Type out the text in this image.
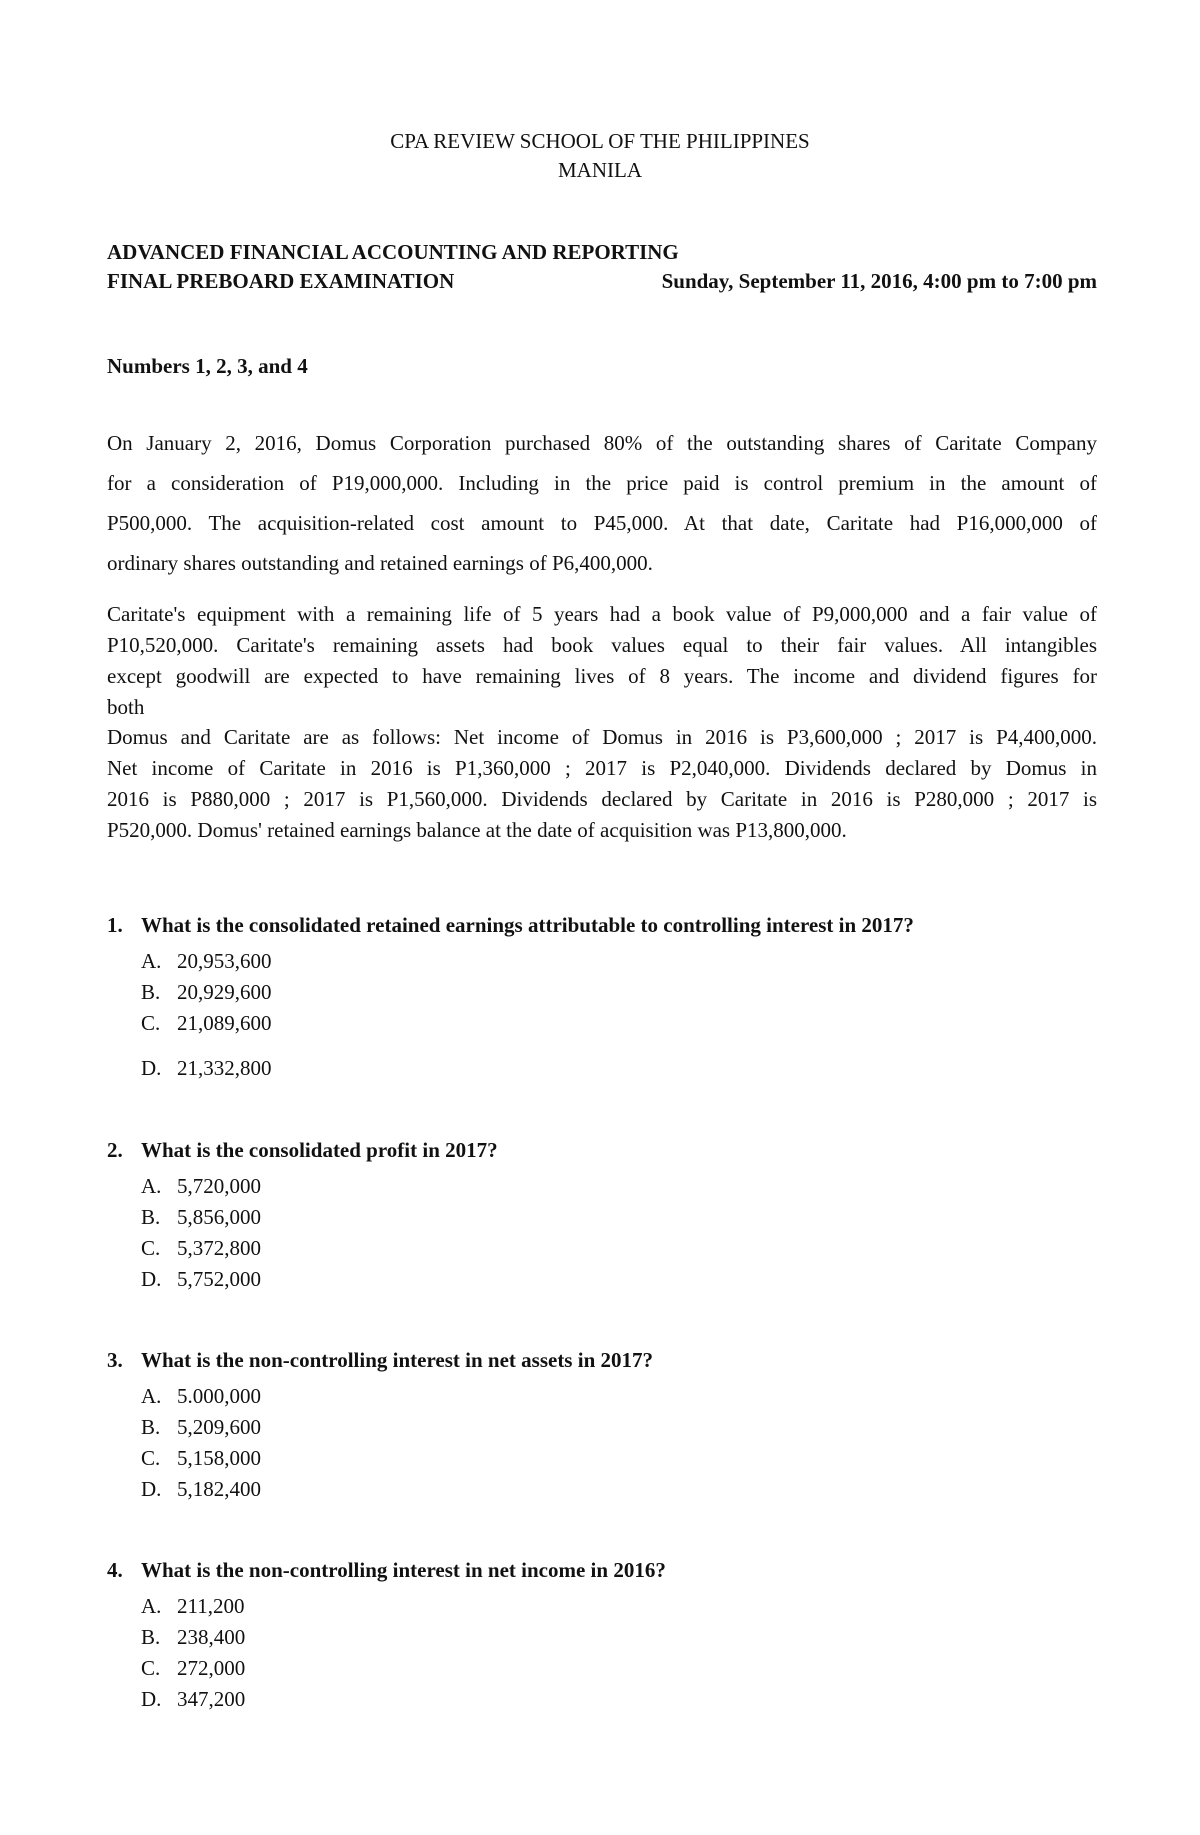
CPA REVIEW SCHOOL OF THE PHILIPPINES
MANILA
ADVANCED FINANCIAL ACCOUNTING AND REPORTING
FINAL PREBOARD EXAMINATION	Sunday, September 11, 2016, 4:00 pm to 7:00 pm
Numbers 1, 2, 3, and 4
On January 2, 2016, Domus Corporation purchased 80% of the outstanding shares of Caritate Company
for a consideration of P19,000,000. Including in the price paid is control premium in the amount of
P500,000. The acquisition-related cost amount to P45,000. At that date, Caritate had P16,000,000 of
ordinary shares outstanding and retained earnings of P6,400,000.
Caritate's equipment with a remaining life of 5 years had a book value of P9,000,000 and a fair value of
P10,520,000. Caritate's remaining assets had book values equal to their fair values. All intangibles
except goodwill are expected to have remaining lives of 8 years. The income and dividend figures for
both
Domus and Caritate are as follows: Net income of Domus in 2016 is P3,600,000 ; 2017 is P4,400,000.
Net income of Caritate in 2016 is P1,360,000 ; 2017 is P2,040,000. Dividends declared by Domus in
2016 is P880,000 ; 2017 is P1,560,000. Dividends declared by Caritate in 2016 is P280,000 ; 2017 is
P520,000. Domus' retained earnings balance at the date of acquisition was P13,800,000.
1. What is the consolidated retained earnings attributable to controlling interest in 2017?
A. 20,953,600
B. 20,929,600
C. 21,089,600
D. 21,332,800
2. What is the consolidated profit in 2017?
A. 5,720,000
B. 5,856,000
C. 5,372,800
D. 5,752,000
3. What is the non-controlling interest in net assets in 2017?
A. 5.000,000
B. 5,209,600
C. 5,158,000
D. 5,182,400
4. What is the non-controlling interest in net income in 2016?
A. 211,200
B. 238,400
C. 272,000
D. 347,200
